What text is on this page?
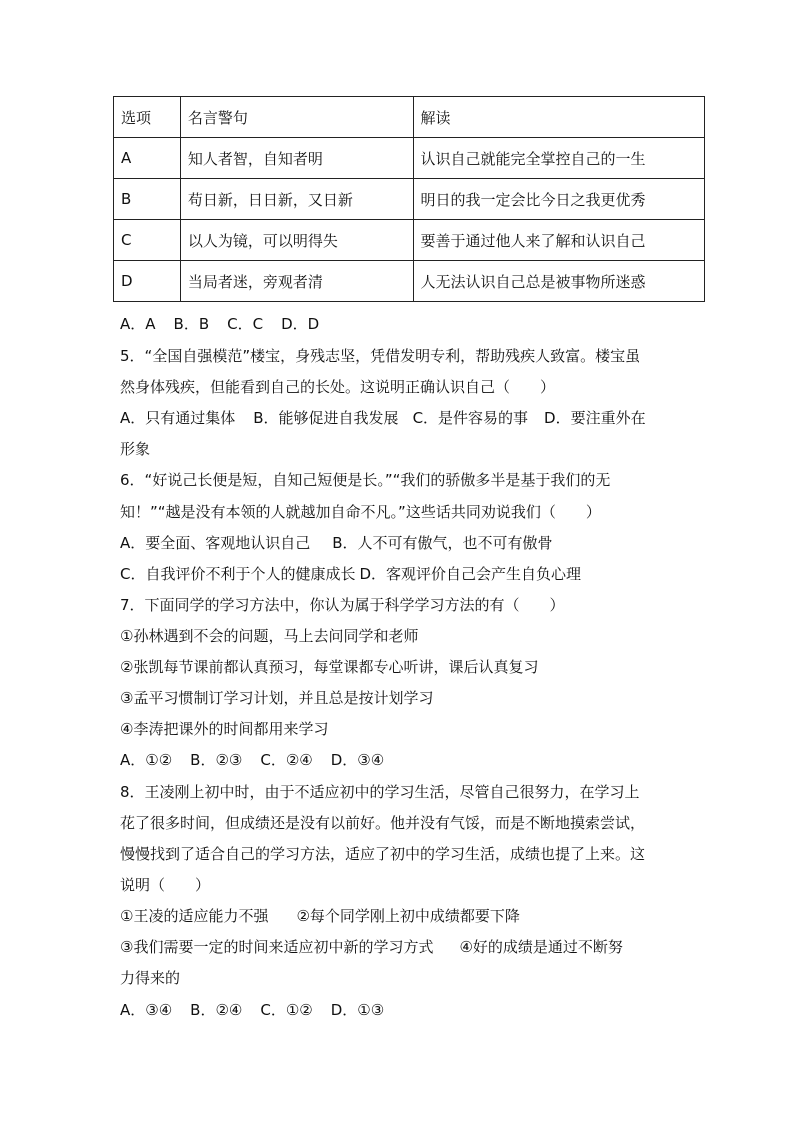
选项	名言警句	解读
A	知人者智，自知者明	认识自己就能完全掌控自己的一生
B	苟日新，日日新，又日新	明日的我一定会比今日之我更优秀
C	以人为镜，可以明得失	要善于通过他人来了解和认识自己
D	当局者迷，旁观者清	人无法认识自己总是被事物所迷惑
A．A B．B C．C D．D
5．“全国自强模范”楼宝，身残志坚，凭借发明专利，帮助残疾人致富。楼宝虽
然身体残疾，但能看到自己的长处。这说明正确认识自己（　　）
A．只有通过集体 B．能够促进自我发展 C．是件容易的事 D．要注重外在
形象
6．“好说己长便是短，自知己短便是长。”“我们的骄傲多半是基于我们的无
知！”“越是没有本领的人就越加自命不凡。”这些话共同劝说我们（　　）
A．要全面、客观地认识自己 B．人不可有傲气，也不可有傲骨
C．自我评价不利于个人的健康成长 D．客观评价自己会产生自负心理
7．下面同学的学习方法中，你认为属于科学学习方法的有（　　）
①孙林遇到不会的问题，马上去问同学和老师
②张凯每节课前都认真预习，每堂课都专心听讲，课后认真复习
③孟平习惯制订学习计划，并且总是按计划学习
④李涛把课外的时间都用来学习
A．①② B．②③ C．②④ D．③④
8．王凌刚上初中时，由于不适应初中的学习生活，尽管自己很努力，在学习上
花了很多时间，但成绩还是没有以前好。他并没有气馁，而是不断地摸索尝试，
慢慢找到了适合自己的学习方法，适应了初中的学习生活，成绩也提了上来。这
说明（　　）
①王凌的适应能力不强 ②每个同学刚上初中成绩都要下降
③我们需要一定的时间来适应初中新的学习方式 ④好的成绩是通过不断努
力得来的
A．③④ B．②④ C．①② D．①③
